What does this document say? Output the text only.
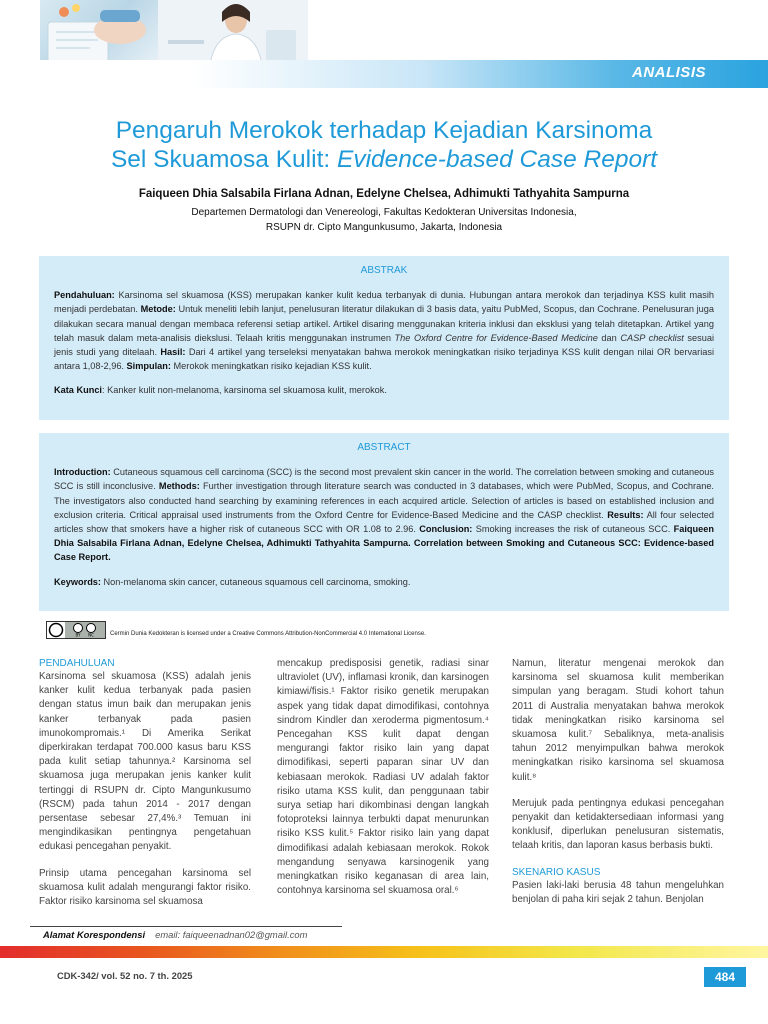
ANALISIS
Pengaruh Merokok terhadap Kejadian Karsinoma
Sel Skuamosa Kulit: Evidence-based Case Report
Faiqueen Dhia Salsabila Firlana Adnan, Edelyne Chelsea, Adhimukti Tathyahita Sampurna
Departemen Dermatologi dan Venereologi, Fakultas Kedokteran Universitas Indonesia,
RSUPN dr. Cipto Mangunkusumo, Jakarta, Indonesia
ABSTRAK

Pendahuluan: Karsinoma sel skuamosa (KSS) merupakan kanker kulit kedua terbanyak di dunia. Hubungan antara merokok dan terjadinya KSS kulit masih menjadi perdebatan. Metode: Untuk meneliti lebih lanjut, penelusuran literatur dilakukan di 3 basis data, yaitu PubMed, Scopus, dan Cochrane. Penelusuran juga dilakukan secara manual dengan membaca referensi setiap artikel. Artikel disaring menggunakan kriteria inklusi dan eksklusi yang telah ditetapkan. Artikel yang telah masuk dalam meta-analisis diekslusi. Telaah kritis menggunakan instrumen The Oxford Centre for Evidence-Based Medicine dan CASP checklist sesuai jenis studi yang ditelaah. Hasil: Dari 4 artikel yang terseleksi menyatakan bahwa merokok meningkatkan risiko terjadinya KSS kulit dengan nilai OR bervariasi antara 1,08-2,96. Simpulan: Merokok meningkatkan risiko kejadian KSS kulit.

Kata Kunci: Kanker kulit non-melanoma, karsinoma sel skuamosa kulit, merokok.

ABSTRACT

Introduction: Cutaneous squamous cell carcinoma (SCC) is the second most prevalent skin cancer in the world. The correlation between smoking and cutaneous SCC is still inconclusive. Methods: Further investigation through literature search was conducted in 3 databases, which were PubMed, Scopus, and Cochrane. The investigators also conducted hand searching by examining references in each acquired article. Selection of articles is based on established inclusion and exclusion criteria. Critical appraisal used instruments from the Oxford Centre for Evidence-Based Medicine and the CASP checklist. Results: All four selected articles show that smokers have a higher risk of cutaneous SCC with OR 1.08 to 2.96. Conclusion: Smoking increases the risk of cutaneous SCC. Faiqueen Dhia Salsabila Firlana Adnan, Edelyne Chelsea, Adhimukti Tathyahita Sampurna. Correlation between Smoking and Cutaneous SCC: Evidence-based Case Report.

Keywords: Non-melanoma skin cancer, cutaneous squamous cell carcinoma, smoking.

BY NC	Cermin Dunia Kedokteran is licensed under a Creative Commons Attribution-NonCommercial 4.0 International License.
PENDAHULUAN

Karsinoma sel skuamosa (KSS) adalah jenis kanker kulit kedua terbanyak pada pasien dengan status imun baik dan merupakan jenis kanker terbanyak pada pasien imunokompromais.¹ Di Amerika Serikat diperkirakan terdapat 700.000 kasus baru KSS pada kulit setiap tahunnya.² Karsinoma sel skuamosa juga merupakan jenis kanker kulit tertinggi di RSUPN dr. Cipto Mangunkusumo (RSCM) pada tahun 2014 - 2017 dengan persentase sebesar 27,4%.³ Temuan ini mengindikasikan pentingnya pengetahuan edukasi pencegahan penyakit.

Prinsip utama pencegahan karsinoma sel skuamosa kulit adalah mengurangi faktor risiko. Faktor risiko karsinoma sel skuamosa

mencakup predisposisi genetik, radiasi sinar ultraviolet (UV), inflamasi kronik, dan karsinogen kimiawi/fisis.¹ Faktor risiko genetik merupakan aspek yang tidak dapat dimodifikasi, contohnya sindrom Kindler dan xeroderma pigmentosum.⁴ Pencegahan KSS kulit dapat dengan mengurangi faktor risiko lain yang dapat dimodifikasi, seperti paparan sinar UV dan kebiasaan merokok. Radiasi UV adalah faktor risiko utama KSS kulit, dan penggunaan tabir surya setiap hari dikombinasi dengan langkah fotoproteksi lainnya terbukti dapat menurunkan risiko KSS kulit.⁵ Faktor risiko lain yang dapat dimodifikasi adalah kebiasaan merokok. Rokok mengandung senyawa karsinogenik yang meningkatkan risiko keganasan di area lain, contohnya karsinoma sel skuamosa oral.⁶

Namun, literatur mengenai merokok dan karsinoma sel skuamosa kulit memberikan simpulan yang beragam. Studi kohort tahun 2011 di Australia menyatakan bahwa merokok tidak meningkatkan risiko karsinoma sel skuamosa kulit.⁷ Sebaliknya, meta-analisis tahun 2012 menyimpulkan bahwa merokok meningkatkan risiko karsinoma sel skuamosa kulit.⁸

Merujuk pada pentingnya edukasi pencegahan penyakit dan ketidaktersediaan informasi yang konklusif, diperlukan penelusuran sistematis, telaah kritis, dan laporan kasus berbasis bukti.

SKENARIO KASUS

Pasien laki-laki berusia 48 tahun mengeluhkan benjolan di paha kiri sejak 2 tahun. Benjolan

Alamat Korespondensi email: faiqueenadnan02@gmail.com
CDK-342/ vol. 52 no. 7 th. 2025	484
